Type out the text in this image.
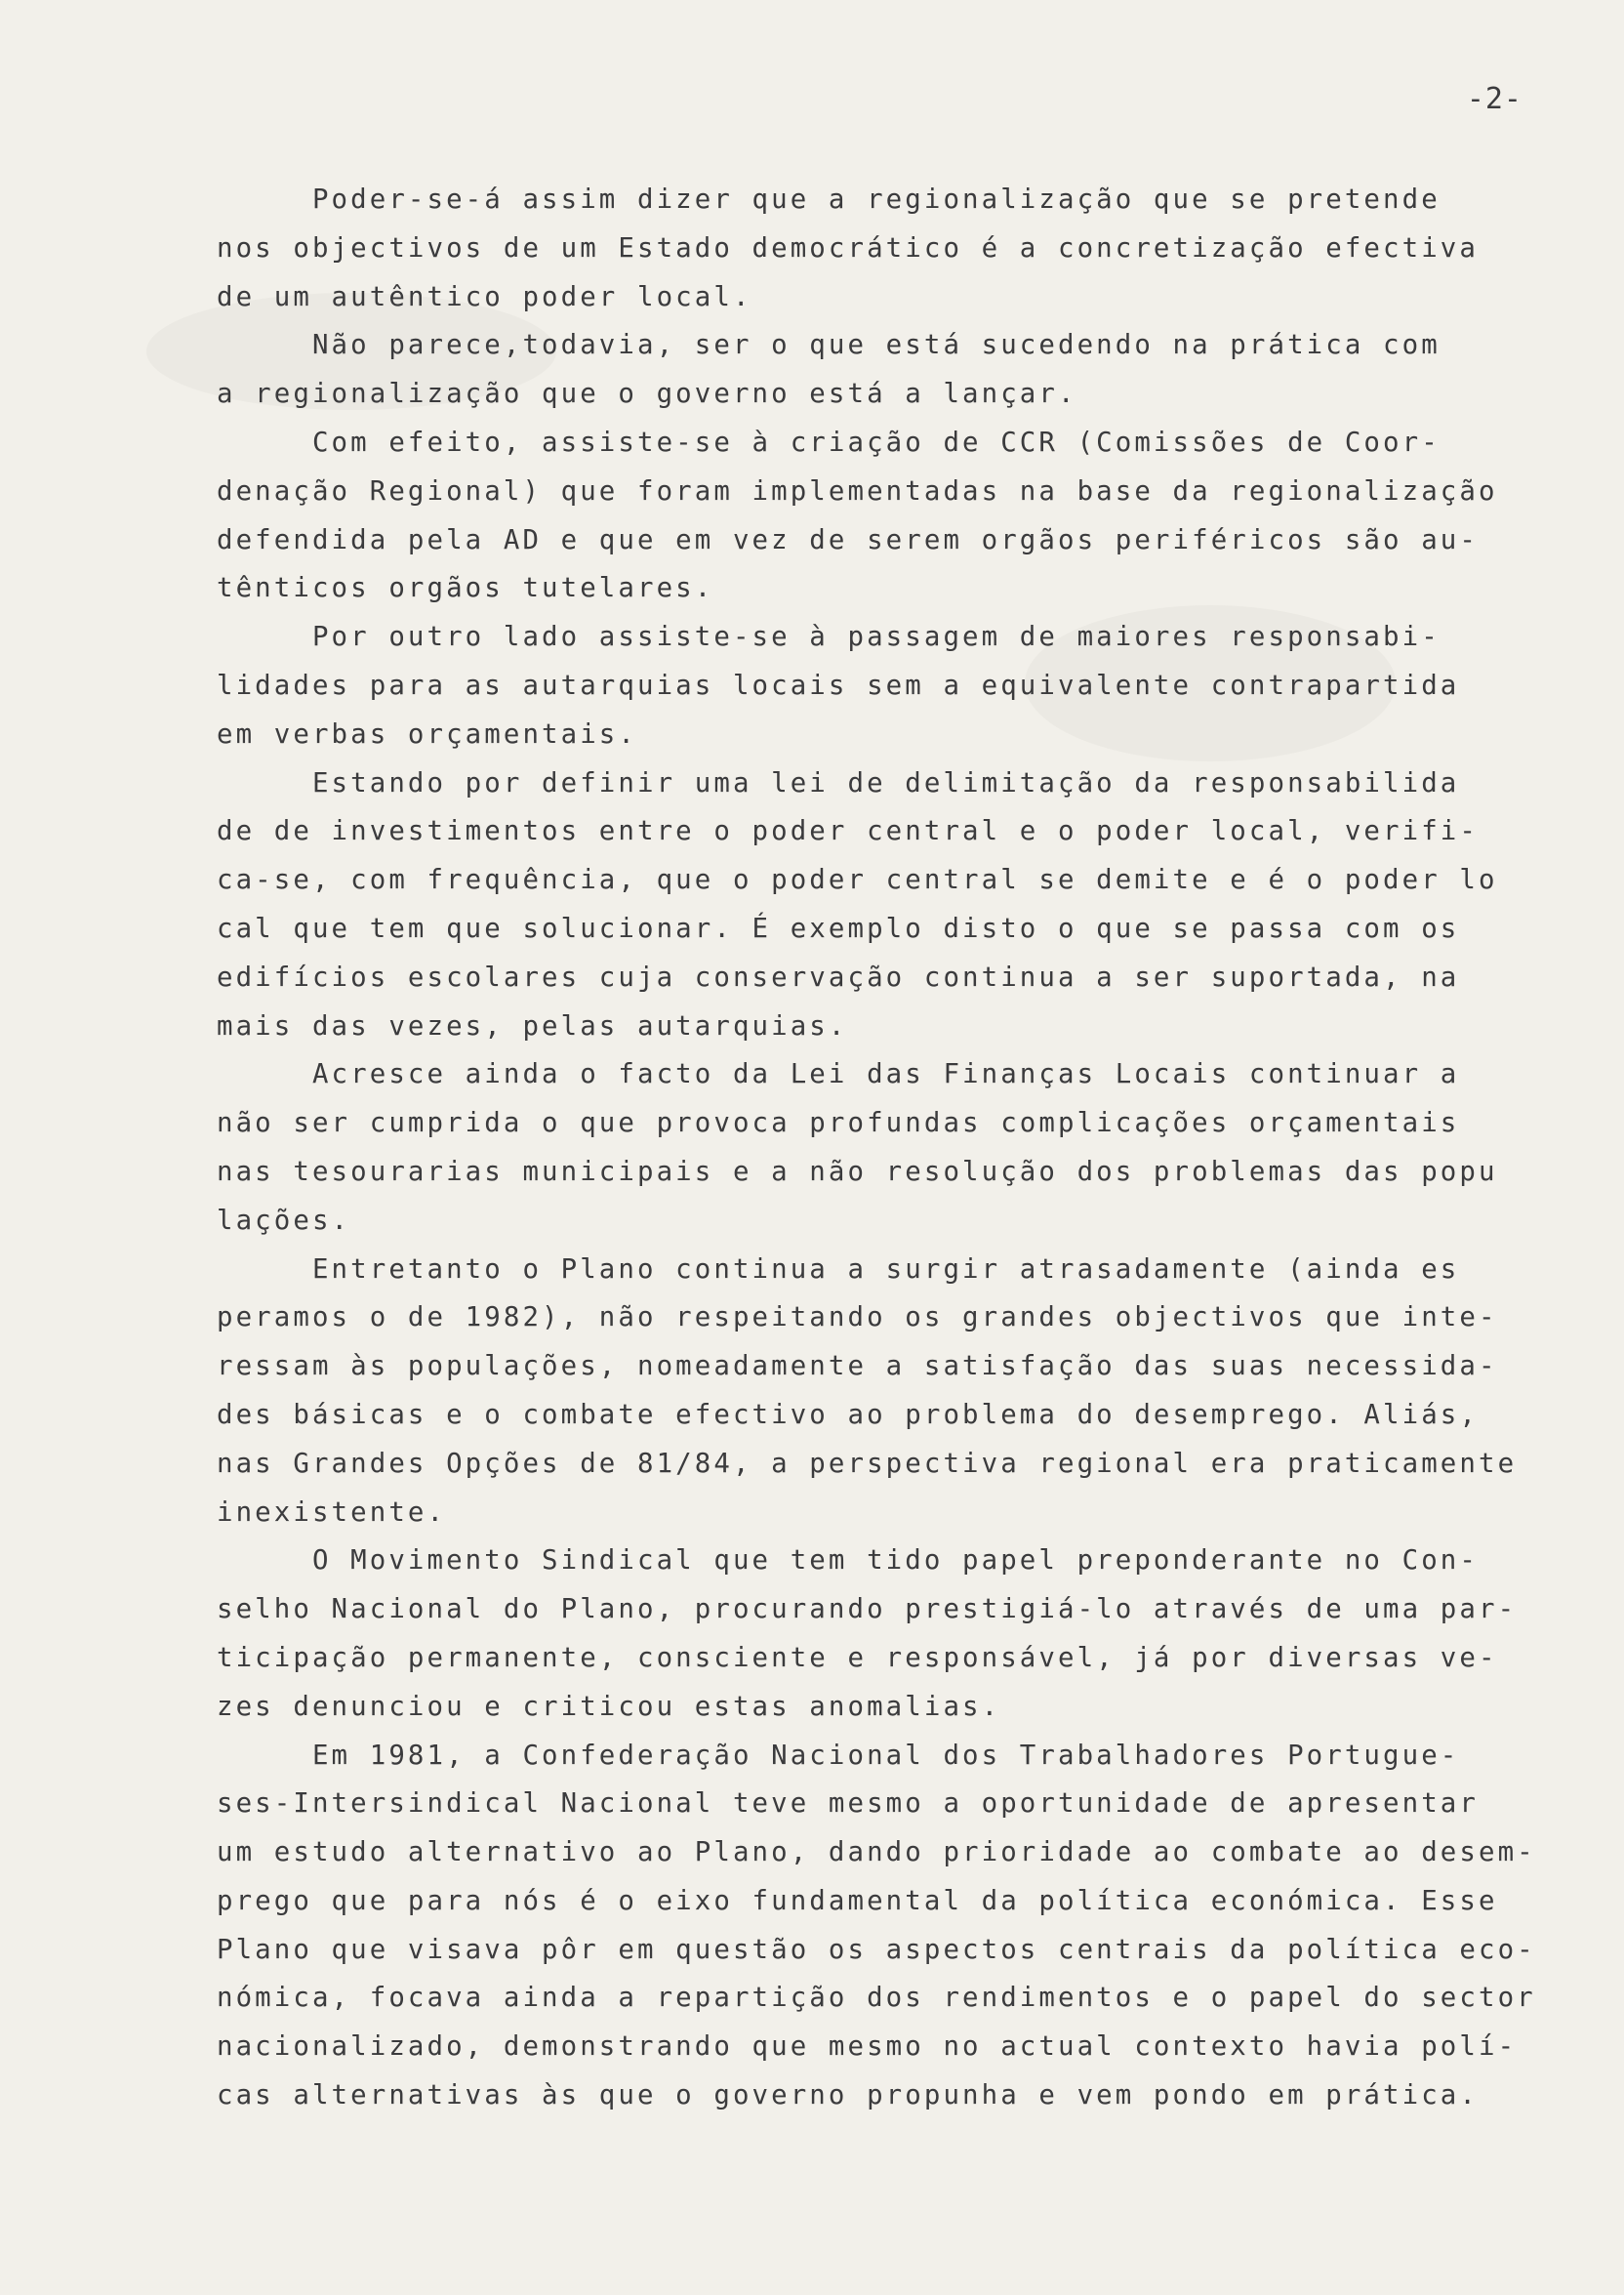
-2-
Poder-se-á assim dizer que a regionalização que se pretende
nos objectivos de um Estado democrático é a concretização efectiva
de um autêntico poder local.
Não parece,todavia, ser o que está sucedendo na prática com
a regionalização que o governo está a lançar.
Com efeito, assiste-se à criação de CCR (Comissões de Coor-
denação Regional) que foram implementadas na base da regionalização
defendida pela AD e que em vez de serem orgãos periféricos são au-
tênticos orgãos tutelares.
Por outro lado assiste-se à passagem de maiores responsabi-
lidades para as autarquias locais sem a equivalente contrapartida
em verbas orçamentais.
Estando por definir uma lei de delimitação da responsabilida
de de investimentos entre o poder central e o poder local, verifi-
ca-se, com frequência, que o poder central se demite e é o poder lo
cal que tem que solucionar. É exemplo disto o que se passa com os
edifícios escolares cuja conservação continua a ser suportada, na
mais das vezes, pelas autarquias.
Acresce ainda o facto da Lei das Finanças Locais continuar a
não ser cumprida o que provoca profundas complicações orçamentais
nas tesourarias municipais e a não resolução dos problemas das popu
lações.
Entretanto o Plano continua a surgir atrasadamente (ainda es
peramos o de 1982), não respeitando os grandes objectivos que inte-
ressam às populações, nomeadamente a satisfação das suas necessida-
des básicas e o combate efectivo ao problema do desemprego. Aliás,
nas Grandes Opções de 81/84, a perspectiva regional era praticamente
inexistente.
O Movimento Sindical que tem tido papel preponderante no Con-
selho Nacional do Plano, procurando prestigiá-lo através de uma par-
ticipação permanente, consciente e responsável, já por diversas ve-
zes denunciou e criticou estas anomalias.
Em 1981, a Confederação Nacional dos Trabalhadores Portugue-
ses-Intersindical Nacional teve mesmo a oportunidade de apresentar
um estudo alternativo ao Plano, dando prioridade ao combate ao desem-
prego que para nós é o eixo fundamental da política económica. Esse
Plano que visava pôr em questão os aspectos centrais da política eco-
nómica, focava ainda a repartição dos rendimentos e o papel do sector
nacionalizado, demonstrando que mesmo no actual contexto havia polí-
cas alternativas às que o governo propunha e vem pondo em prática.
